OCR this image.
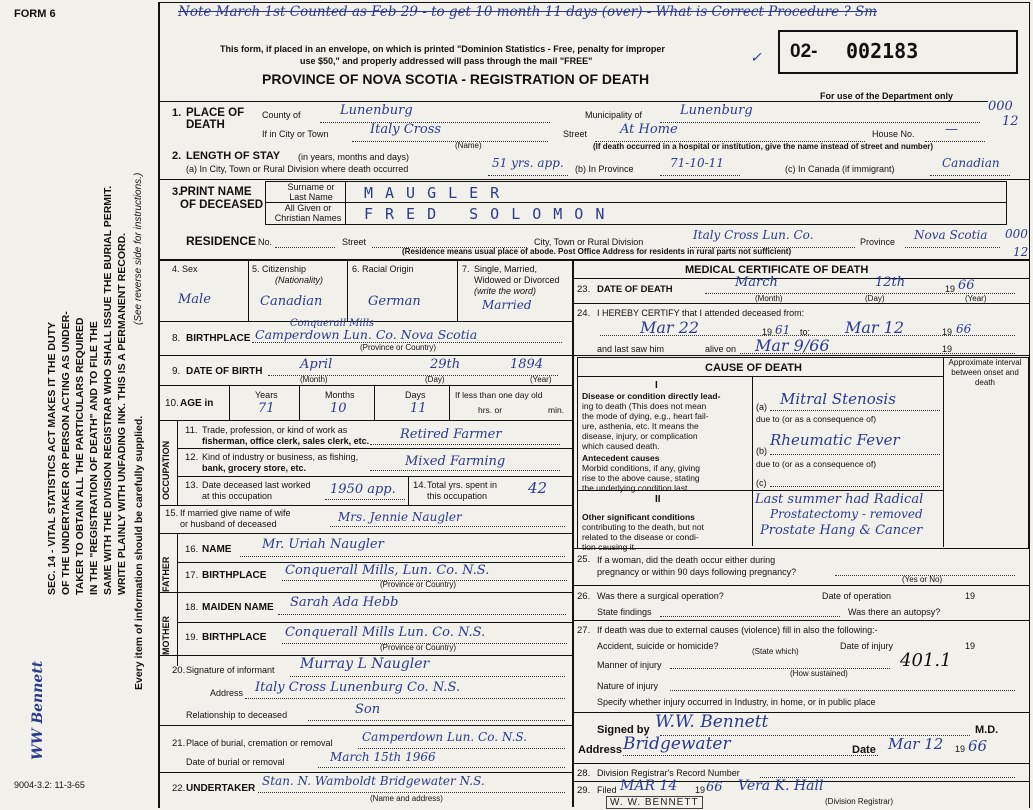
FORM 6
SEC. 14 - VITAL STATISTICS ACT MAKES IT THE DUTY OF THE UNDERTAKER OR PERSON ACTING AS UNDER- TAKER TO OBTAIN ALL THE PARTICULARS REQUIRED IN THE "REGISTRATION OF DEATH" AND TO FILE THE SAME WITH THE DIVISION REGISTRAR WHO SHALL ISSUE THE BURIAL PERMIT. WRITE PLAINLY WITH UNFADING INK. THIS IS A PERMANENT RECORD. (See reverse side for instructions.)
Every item of information should be carefully supplied.
WW Bennett
9004-3.2: 11-3-65
Note March 1st Counted as Feb 29 - to get 10 month 11 days (over) - What is Correct Procedure ? Sm
This form, if placed in an envelope, on which is printed "Dominion Statistics - Free, penalty for improper
use $50," and properly addressed will pass through the mail "FREE"
PROVINCE OF NOVA SCOTIA - REGISTRATION OF DEATH
02- 002183
For use of the Department only
000
12
✓
1. PLACE OF DEATH
County of	Lunenburg	Municipality of	Lunenburg
If in City or Town	Italy Cross
(Name)
Street	At Home	House No. —
(If death occurred in a hospital or institution, give the name instead of street and number)
2. LENGTH OF STAY (in years, months and days)
(a) In City, Town or Rural Division where death occurred	51 yrs. app. (b) In Province	71-10-11	(c) In Canada (if immigrant)	Canadian
3.
PRINT NAME OF DECEASED
Surname or Last Name
All Given or Christian Names
MAUGLER
FRED SOLOMON
RESIDENCE No.	Street	City, Town or Rural Division	Italy Cross Lun. Co.	Province Nova Scotia 000
12
(Residence means usual place of abode. Post Office Address for residents in rural parts not sufficient)
4. Sex
Male
5. Citizenship
(Nationality)
Canadian
6. Racial Origin
German
7. Single, Married,
Widowed or Divorced
(write the word)
Married
8. BIRTHPLACE
Conquerall Mills
Camperdown Lun. Co. Nova Scotia
(Province or Country)
9. DATE OF BIRTH	April	29th	1894
(Month)	(Day)	(Year)
10. AGE in
Years	Months	Days
71	10	11
If less than one day old
hrs. or	min.
OCCUPATION
11. Trade, profession, or kind of work as
fisherman, office clerk, sales clerk, etc. Retired Farmer
12. Kind of industry or business, as fishing,
bank, grocery store, etc.	Mixed Farming
13. Date deceased last worked
at this occupation	1950 app. 14. Total yrs. spent in
this occupation	42
15. If married give name of wife
or husband of deceased	Mrs. Jennie Naugler
FATHER
16. NAME Mr. Uriah Naugler
17. BIRTHPLACE Conquerall Mills, Lun. Co. N.S.
(Province or Country)
MOTHER
18. MAIDEN NAME Sarah Ada Hebb
19. BIRTHPLACE Conquerall Mills Lun. Co. N.S.
(Province or Country)
20. Signature of informant Murray L Naugler
Address Italy Cross Lunenburg Co. N.S.
Relationship to deceased	Son
21. Place of burial, cremation or removal Camperdown Lun. Co. N.S.
Date of burial or removal	March 15th 1966
22. UNDERTAKER
Stan. N. Wamboldt Bridgewater N.S.
(Name and address)
MEDICAL CERTIFICATE OF DEATH
23. DATE OF DEATH	March	12th	19 66
(Month)	(Day)	(Year)
24. I HEREBY CERTIFY that I attended deceased from:
Mar 22	19 61 to: Mar 12	19 66
and last saw him	alive on Mar 9/66	19
CAUSE OF DEATH	Approximate interval between onset and death
I
Disease or condition directly lead-
ing to death (This does not mean
the mode of dying, e.g., heart fail-
ure, asthenia, etc. It means the
disease, injury, or complication
which caused death.
(a) Mitral Stenosis
due to (or as a consequence of)
Antecedent causes
Morbid conditions, if any, giving
rise to the above cause, stating
the underlying condition last.
(b)
Rheumatic Fever
due to (or as a consequence of)
(c)
II
Other significant conditions
contributing to the death, but not
related to the disease or condi-
tion causing it.
Last summer had Radical
Prostatectomy - removed
Prostate Hang & Cancer
25. If a woman, did the death occur either during
pregnancy or within 90 days following pregnancy?
(Yes or No)
26. Was there a surgical operation?	Date of operation	19
State findings	Was there an autopsy?
27. If death was due to external causes (violence) fill in also the following:-
Accident, suicide or homicide?
(State which)
Date of injury	19
401.1
Manner of injury
(How sustained)
Nature of injury
Specify whether injury occurred in Industry, in home, or in public place
Signed by W.W. Bennett	M.D.
Address Bridgewater	Date Mar 12 19 66
28. Division Registrar's Record Number
29. Filed MAR 14 19 66 Vera K. Hall
(Division Registrar)
W. W. BENNETT
